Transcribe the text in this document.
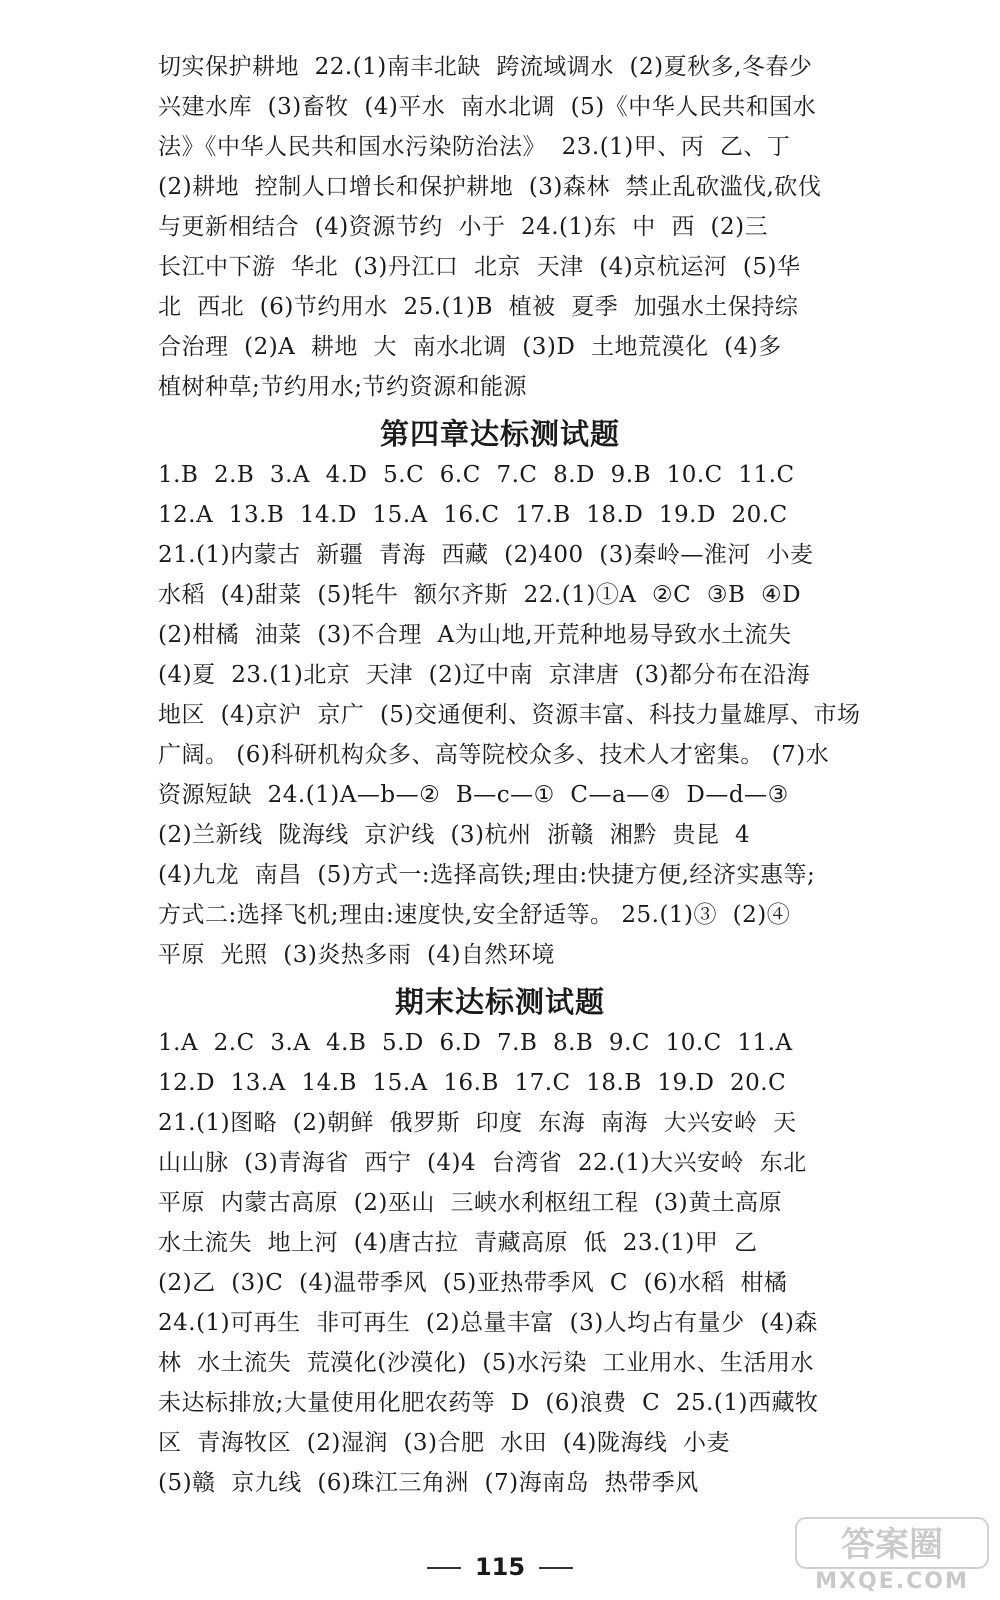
切实保护耕地  22.(1)南丰北缺  跨流域调水  (2)夏秋多,冬春少
兴建水库  (3)畜牧  (4)平水  南水北调  (5)《中华人民共和国水
法》《中华人民共和国水污染防治法》  23.(1)甲、丙  乙、丁
(2)耕地  控制人口增长和保护耕地  (3)森林  禁止乱砍滥伐,砍伐
与更新相结合  (4)资源节约  小于  24.(1)东  中  西  (2)三
长江中下游  华北  (3)丹江口  北京  天津  (4)京杭运河  (5)华
北  西北  (6)节约用水  25.(1)B  植被  夏季  加强水土保持综
合治理  (2)A  耕地  大  南水北调  (3)D  土地荒漠化  (4)多
植树种草;节约用水;节约资源和能源
第四章达标测试题
1.B  2.B  3.A  4.D  5.C  6.C  7.C  8.D  9.B  10.C  11.C
12.A  13.B  14.D  15.A  16.C  17.B  18.D  19.D  20.C
21.(1)内蒙古  新疆  青海  西藏  (2)400  (3)秦岭—淮河  小麦
水稻  (4)甜菜  (5)牦牛  额尔齐斯  22.(1)①A  ②C  ③B  ④D
(2)柑橘  油菜  (3)不合理  A为山地,开荒种地易导致水土流失
(4)夏  23.(1)北京  天津  (2)辽中南  京津唐  (3)都分布在沿海
地区  (4)京沪  京广  (5)交通便利、资源丰富、科技力量雄厚、市场
广阔。 (6)科研机构众多、高等院校众多、技术人才密集。 (7)水
资源短缺  24.(1)A—b—②  B—c—①  C—a—④  D—d—③
(2)兰新线  陇海线  京沪线  (3)杭州  浙赣  湘黔  贵昆  4
(4)九龙  南昌  (5)方式一:选择高铁;理由:快捷方便,经济实惠等;
方式二:选择飞机;理由:速度快,安全舒适等。 25.(1)③  (2)④
平原  光照  (3)炎热多雨  (4)自然环境
期末达标测试题
1.A  2.C  3.A  4.B  5.D  6.D  7.B  8.B  9.C  10.C  11.A
12.D  13.A  14.B  15.A  16.B  17.C  18.B  19.D  20.C
21.(1)图略  (2)朝鲜  俄罗斯  印度  东海  南海  大兴安岭  天
山山脉  (3)青海省  西宁  (4)4  台湾省  22.(1)大兴安岭  东北
平原  内蒙古高原  (2)巫山  三峡水利枢纽工程  (3)黄土高原
水土流失  地上河  (4)唐古拉  青藏高原  低  23.(1)甲  乙
(2)乙  (3)C  (4)温带季风  (5)亚热带季风  C  (6)水稻  柑橘
24.(1)可再生  非可再生  (2)总量丰富  (3)人均占有量少  (4)森
林  水土流失  荒漠化(沙漠化)  (5)水污染  工业用水、生活用水
未达标排放;大量使用化肥农药等  D  (6)浪费  C  25.(1)西藏牧
区  青海牧区  (2)湿润  (3)合肥  水田  (4)陇海线  小麦
(5)赣  京九线  (6)珠江三角洲  (7)海南岛  热带季风
115
答案圈
MXQE.COM
